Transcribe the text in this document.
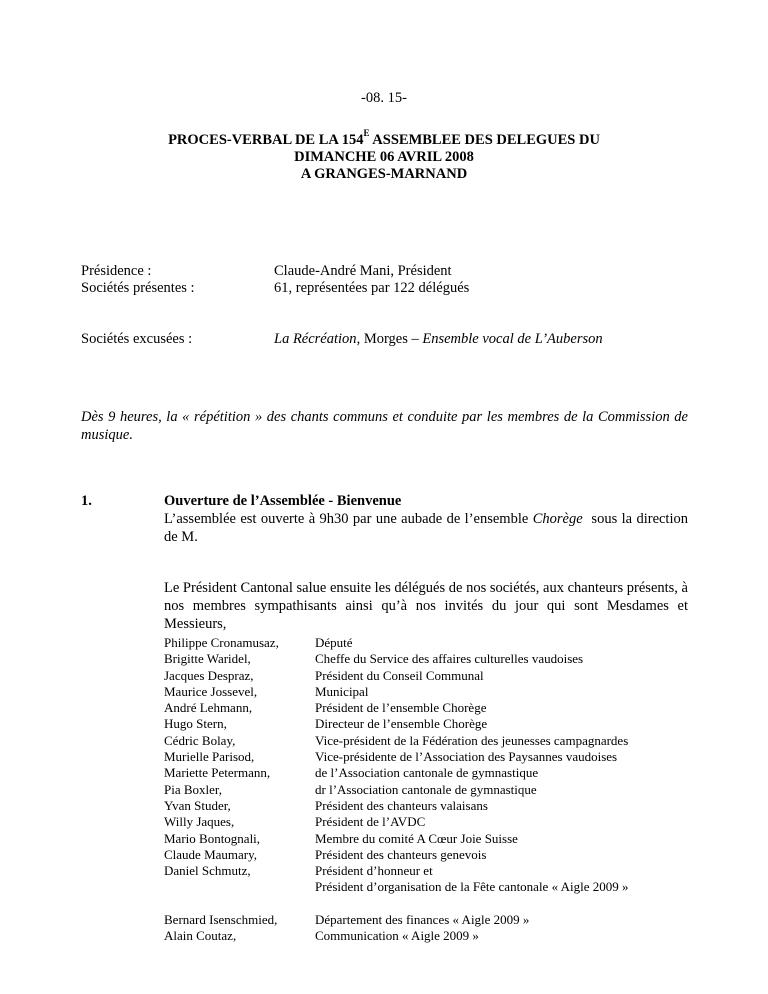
-08. 15-
PROCES-VERBAL DE LA $154^E$ ASSEMBLEE DES DELEGUES DU
DIMANCHE 06 AVRIL 2008
A GRANGES-MARNAND
Présidence :	Claude-André Mani, Président
Sociétés présentes :	61, représentées par 122 délégués
Sociétés excusées :	La Récréation, Morges – Ensemble vocal de L’Auberson
Dès 9 heures, la « répétition » des chants communs et conduite par les membres de la Commission de musique.
1.	Ouverture de l’Assemblée - Bienvenue
L’assemblée est ouverte à 9h30 par une aubade de l’ensemble Chorège  sous la direction de M.
Le Président Cantonal salue ensuite les délégués de nos sociétés, aux chanteurs présents, à nos membres sympathisants ainsi qu’à nos invités du jour qui sont Mesdames et Messieurs,
Philippe Cronamusaz,	Député
Brigitte Waridel,	Cheffe du Service des affaires culturelles vaudoises
Jacques Despraz,	Président du Conseil Communal
Maurice Jossevel,	Municipal
André Lehmann,	Président de l’ensemble Chorège
Hugo Stern,	Directeur de l’ensemble Chorège
Cédric Bolay,	Vice-président de la Fédération des jeunesses campagnardes
Murielle Parisod,	Vice-présidente de l’Association des Paysannes vaudoises
Mariette Petermann,	de l’Association cantonale de gymnastique
Pia Boxler,	dr l’Association cantonale de gymnastique
Yvan Studer,	Président des chanteurs valaisans
Willy Jaques,	Président de l’AVDC
Mario Bontognali,	Membre du comité A Cœur Joie Suisse
Claude Maumary,	Président des chanteurs genevois
Daniel Schmutz,	Président d’honneur et
Président d’organisation de la Fête cantonale « Aigle 2009 »
Bernard Isenschmied,	Département des finances « Aigle 2009 »
Alain Coutaz,	Communication « Aigle 2009 »
